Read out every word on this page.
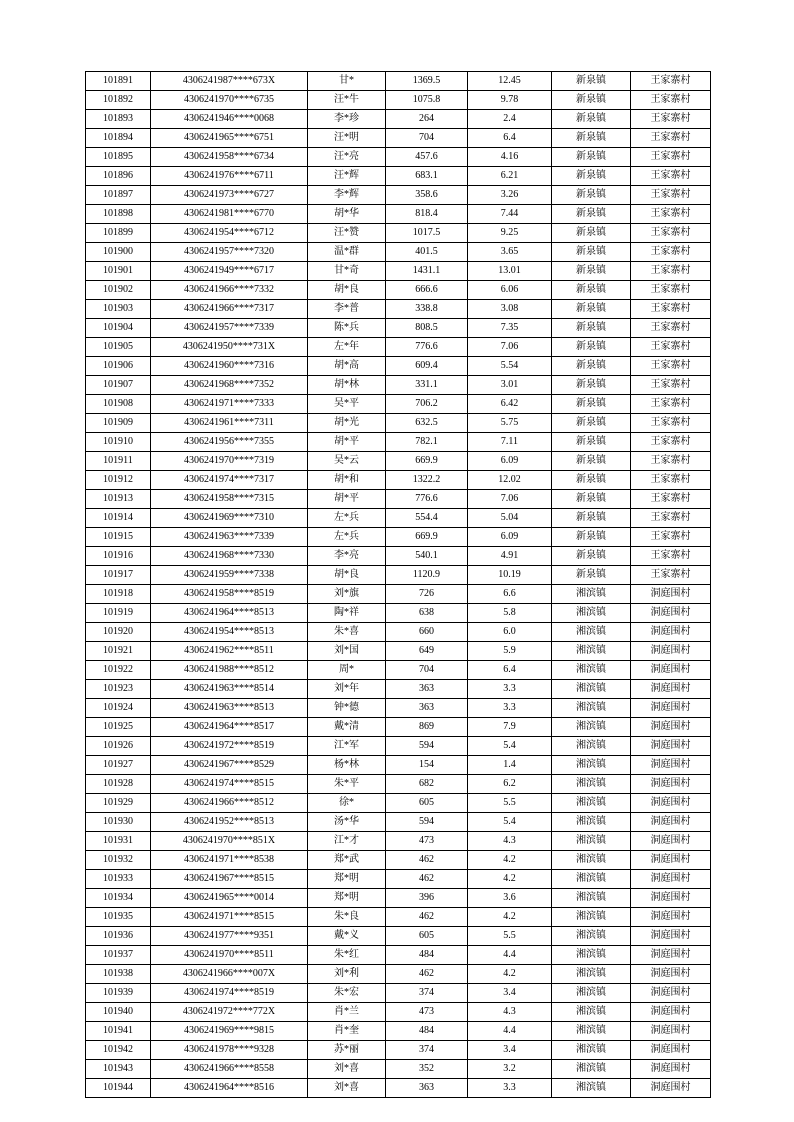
101891	4306241987****673X	甘*	1369.5	12.45	新泉镇	王家寨村
101892	4306241970****6735	汪*牛	1075.8	9.78	新泉镇	王家寨村
101893	4306241946****0068	李*珍	264	2.4	新泉镇	王家寨村
101894	4306241965****6751	汪*明	704	6.4	新泉镇	王家寨村
101895	4306241958****6734	汪*亮	457.6	4.16	新泉镇	王家寨村
101896	4306241976****6711	汪*辉	683.1	6.21	新泉镇	王家寨村
101897	4306241973****6727	李*辉	358.6	3.26	新泉镇	王家寨村
101898	4306241981****6770	胡*华	818.4	7.44	新泉镇	王家寨村
101899	4306241954****6712	汪*赞	1017.5	9.25	新泉镇	王家寨村
101900	4306241957****7320	温*群	401.5	3.65	新泉镇	王家寨村
101901	4306241949****6717	甘*奇	1431.1	13.01	新泉镇	王家寨村
101902	4306241966****7332	胡*良	666.6	6.06	新泉镇	王家寨村
101903	4306241966****7317	李*普	338.8	3.08	新泉镇	王家寨村
101904	4306241957****7339	陈*兵	808.5	7.35	新泉镇	王家寨村
101905	4306241950****731X	左*年	776.6	7.06	新泉镇	王家寨村
101906	4306241960****7316	胡*高	609.4	5.54	新泉镇	王家寨村
101907	4306241968****7352	胡*林	331.1	3.01	新泉镇	王家寨村
101908	4306241971****7333	吴*平	706.2	6.42	新泉镇	王家寨村
101909	4306241961****7311	胡*光	632.5	5.75	新泉镇	王家寨村
101910	4306241956****7355	胡*平	782.1	7.11	新泉镇	王家寨村
101911	4306241970****7319	吴*云	669.9	6.09	新泉镇	王家寨村
101912	4306241974****7317	胡*和	1322.2	12.02	新泉镇	王家寨村
101913	4306241958****7315	胡*平	776.6	7.06	新泉镇	王家寨村
101914	4306241969****7310	左*兵	554.4	5.04	新泉镇	王家寨村
101915	4306241963****7339	左*兵	669.9	6.09	新泉镇	王家寨村
101916	4306241968****7330	李*亮	540.1	4.91	新泉镇	王家寨村
101917	4306241959****7338	胡*良	1120.9	10.19	新泉镇	王家寨村
101918	4306241958****8519	刘*旗	726	6.6	湘滨镇	洞庭围村
101919	4306241964****8513	陶*祥	638	5.8	湘滨镇	洞庭围村
101920	4306241954****8513	朱*喜	660	6.0	湘滨镇	洞庭围村
101921	4306241962****8511	刘*国	649	5.9	湘滨镇	洞庭围村
101922	4306241988****8512	周*	704	6.4	湘滨镇	洞庭围村
101923	4306241963****8514	刘*年	363	3.3	湘滨镇	洞庭围村
101924	4306241963****8513	钟*德	363	3.3	湘滨镇	洞庭围村
101925	4306241964****8517	戴*清	869	7.9	湘滨镇	洞庭围村
101926	4306241972****8519	江*军	594	5.4	湘滨镇	洞庭围村
101927	4306241967****8529	杨*林	154	1.4	湘滨镇	洞庭围村
101928	4306241974****8515	朱*平	682	6.2	湘滨镇	洞庭围村
101929	4306241966****8512	徐*	605	5.5	湘滨镇	洞庭围村
101930	4306241952****8513	汤*华	594	5.4	湘滨镇	洞庭围村
101931	4306241970****851X	江*才	473	4.3	湘滨镇	洞庭围村
101932	4306241971****8538	郑*武	462	4.2	湘滨镇	洞庭围村
101933	4306241967****8515	郑*明	462	4.2	湘滨镇	洞庭围村
101934	4306241965****0014	郑*明	396	3.6	湘滨镇	洞庭围村
101935	4306241971****8515	朱*良	462	4.2	湘滨镇	洞庭围村
101936	4306241977****9351	戴*义	605	5.5	湘滨镇	洞庭围村
101937	4306241970****8511	朱*红	484	4.4	湘滨镇	洞庭围村
101938	4306241966****007X	刘*利	462	4.2	湘滨镇	洞庭围村
101939	4306241974****8519	朱*宏	374	3.4	湘滨镇	洞庭围村
101940	4306241972****772X	肖*兰	473	4.3	湘滨镇	洞庭围村
101941	4306241969****9815	肖*奎	484	4.4	湘滨镇	洞庭围村
101942	4306241978****9328	苏*丽	374	3.4	湘滨镇	洞庭围村
101943	4306241966****8558	刘*喜	352	3.2	湘滨镇	洞庭围村
101944	4306241964****8516	刘*喜	363	3.3	湘滨镇	洞庭围村
